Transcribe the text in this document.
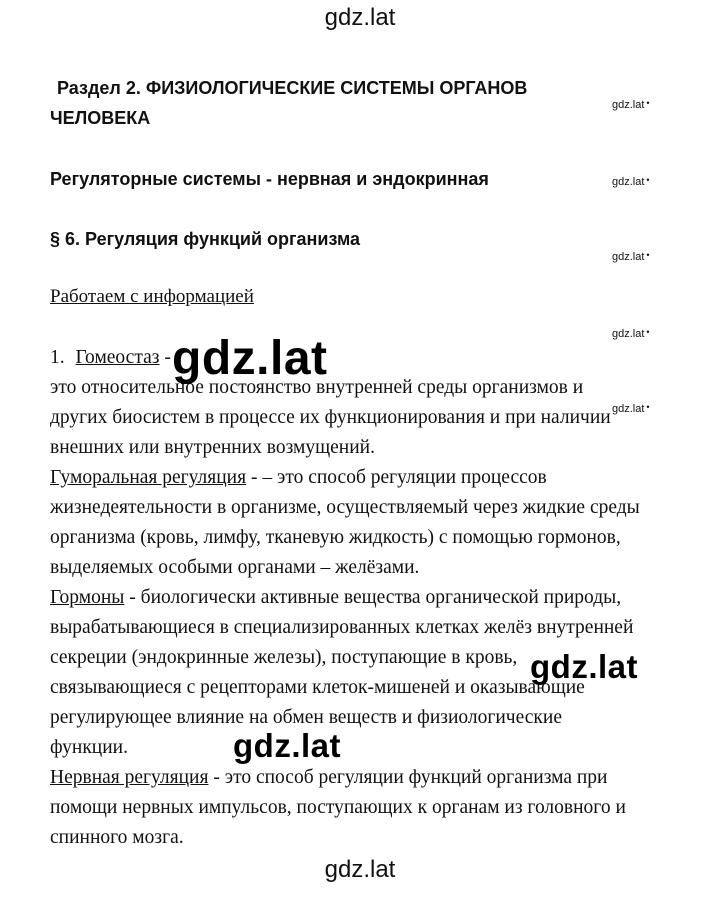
gdz.lat
gdz.lat
gdz.lat •
gdz.lat •
gdz.lat •
gdz.lat •
gdz.lat •
Раздел 2. ФИЗИОЛОГИЧЕСКИЕ СИСТЕМЫ ОРГАНОВ
ЧЕЛОВЕКА
Регуляторные системы - нервная и эндокринная
§ 6. Регуляция функций организма
Работаем с информацией
1. Гомеостаз -
это относительное постоянство внутренней среды организмов и
других биосистем в процессе их функционирования и при наличии
внешних или внутренних возмущений.
Гуморальная регуляция - – это способ регуляции процессов
жизнедеятельности в организме, осуществляемый через жидкие среды
организма (кровь, лимфу, тканевую жидкость) с помощью гормонов,
выделяемых особыми органами – желёзами.
Гормоны - биологически активные вещества органической природы,
вырабатывающиеся в специализированных клетках желёз внутренней
секреции (эндокринные железы), поступающие в кровь,
связывающиеся с рецепторами клеток-мишеней и оказывающие
регулирующее влияние на обмен веществ и физиологические
функции.
Нервная регуляция - это способ регуляции функций организма при
помощи нервных импульсов, поступающих к органам из головного и
спинного мозга.
gdz.lat
gdz.lat
gdz.lat
